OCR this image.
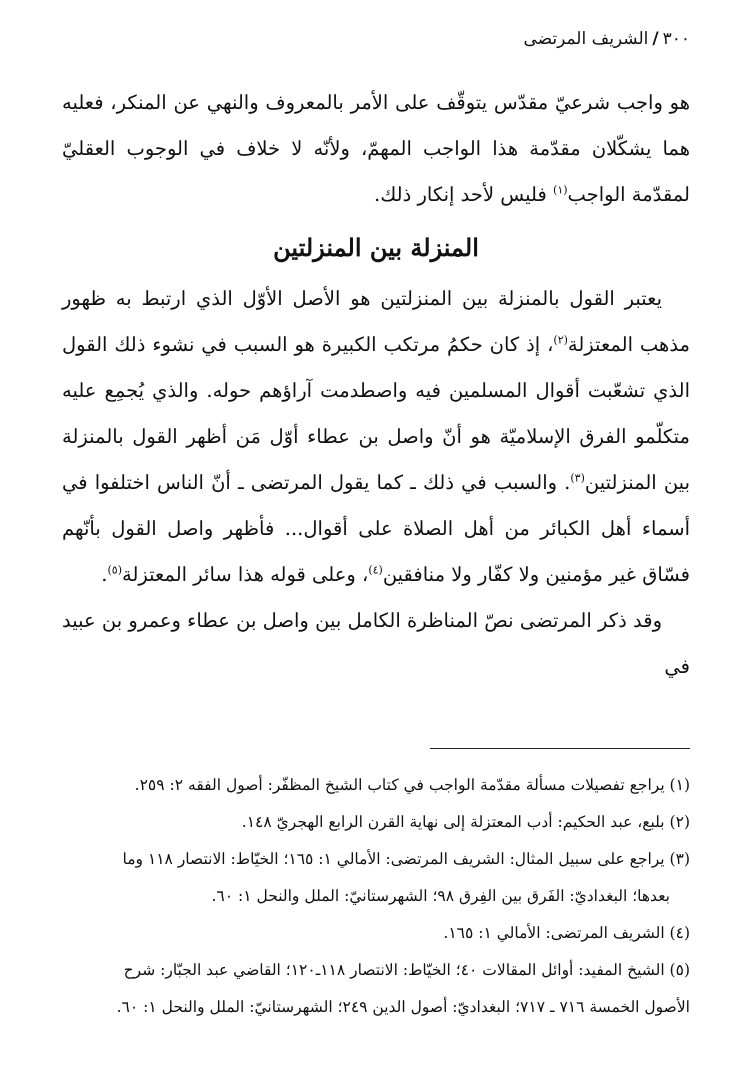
٣٠٠/الشريف المرتضى

هو واجب شرعيّ مقدّس يتوقّف على الأمر بالمعروف والنهي عن المنكر، فعليه هما يشكّلان مقدّمة هذا الواجب المهمّ، ولأنّه لا خلاف في الوجوب العقليّ لمقدّمة الواجب$^{(١)}$ فليس لأحد إنكار ذلك.

المنزلة بين المنزلتين

يعتبر القول بالمنزلة بين المنزلتين هو الأصل الأوّل الذي ارتبط به ظهور مذهب المعتزلة$^{(٢)}$، إذ كان حكمُ مرتكب الكبيرة هو السبب في نشوء ذلك القول الذي تشعّبت أقوال المسلمين فيه واصطدمت آراؤهم حوله. والذي يُجمِع عليه متكلّمو الفرق الإسلاميّة هو أنّ واصل بن عطاء أوّل مَن أظهر القول بالمنزلة بين المنزلتين$^{(٣)}$. والسبب في ذلك ـ كما يقول المرتضى ـ أنّ الناس اختلفوا في أسماء أهل الكبائر من أهل الصلاة على أقوال... فأظهر واصل القول بأنّهم فسّاق غير مؤمنين ولا كفّار ولا منافقين$^{(٤)}$، وعلى قوله هذا سائر المعتزلة$^{(٥)}$.

وقد ذكر المرتضى نصّ المناظرة الكامل بين واصل بن عطاء وعمرو بن عبيد في

(١) يراجع تفصيلات مسألة مقدّمة الواجب في كتاب الشيخ المظفّر: أصول الفقه ٢: ٢٥٩.

(٢) بلبع، عبد الحكيم: أدب المعتزلة إلى نهاية القرن الرابع الهجريّ ١٤٨.

(٣) يراجع على سبيل المثال: الشريف المرتضى: الأمالي ١: ١٦٥؛ الخيّاط: الانتصار ١١٨ وما

بعدها؛ البغداديّ: الفَرق بين الفِرق ٩٨؛ الشهرستانيّ: الملل والنحل ١: ٦٠.

(٤) الشريف المرتضى: الأمالي ١: ١٦٥.

(٥) الشيخ المفيد: أوائل المقالات ٤٠؛ الخيّاط: الانتصار ١١٨ـ١٢٠؛ القاضي عبد الجبّار: شرح

الأصول الخمسة ٧١٦ ـ ٧١٧؛ البغداديّ: أصول الدين ٢٤٩؛ الشهرستانيّ: الملل والنحل ١: ٦٠.
